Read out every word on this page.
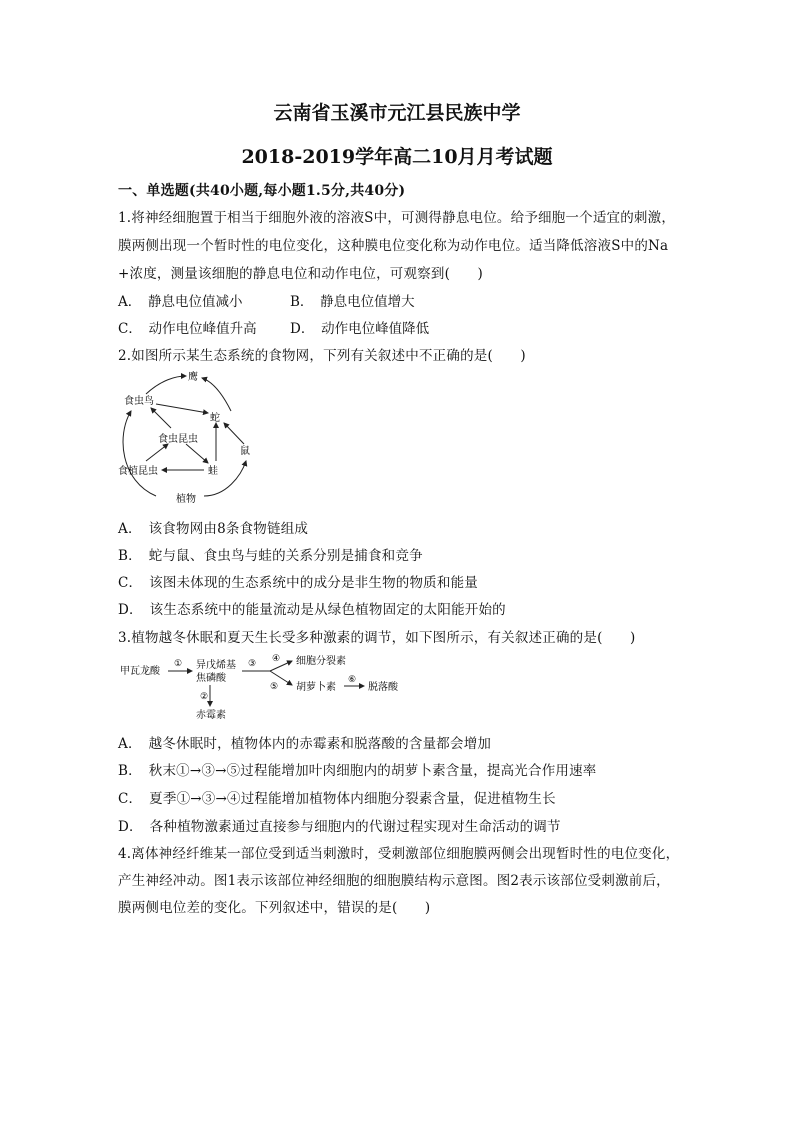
云南省玉溪市元江县民族中学
2018-2019学年高二10月月考试题
一、单选题(共40小题,每小题1.5分,共40分)
1.将神经细胞置于相当于细胞外液的溶液S中，可测得静息电位。给予细胞一个适宜的刺激，
膜两侧出现一个暂时性的电位变化，这种膜电位变化称为动作电位。适当降低溶液S中的Na
+浓度，测量该细胞的静息电位和动作电位，可观察到(　　)
A．　静息电位值减小	B．　静息电位值增大
C．　动作电位峰值升高 D．　动作电位峰值降低
2.如图所示某生态系统的食物网，下列有关叙述中不正确的是(　　)
鹰
食虫鸟
蛇
食虫昆虫
鼠
食植昆虫	蛙
植物
A．　该食物网由8条食物链组成
B．　蛇与鼠、食虫鸟与蛙的关系分别是捕食和竞争
C．　该图未体现的生态系统中的成分是非生物的物质和能量
D．　该生态系统中的能量流动是从绿色植物固定的太阳能开始的
3.植物越冬休眠和夏天生长受多种激素的调节，如下图所示，有关叙述正确的是(　　)
甲瓦龙酸
① 异戊烯基
焦磷酸
②
赤霉素
③ ④ 细胞分裂素
⑤ 胡萝卜素
⑥
脱落酸
A．　越冬休眠时，植物体内的赤霉素和脱落酸的含量都会增加
B．　秋末①→③→⑤过程能增加叶肉细胞内的胡萝卜素含量，提高光合作用速率
C．　夏季①→③→④过程能增加植物体内细胞分裂素含量，促进植物生长
D．　各种植物激素通过直接参与细胞内的代谢过程实现对生命活动的调节
4.离体神经纤维某一部位受到适当刺激时，受刺激部位细胞膜两侧会出现暂时性的电位变化，
产生神经冲动。图1表示该部位神经细胞的细胞膜结构示意图。图2表示该部位受刺激前后，
膜两侧电位差的变化。下列叙述中，错误的是(　　)
